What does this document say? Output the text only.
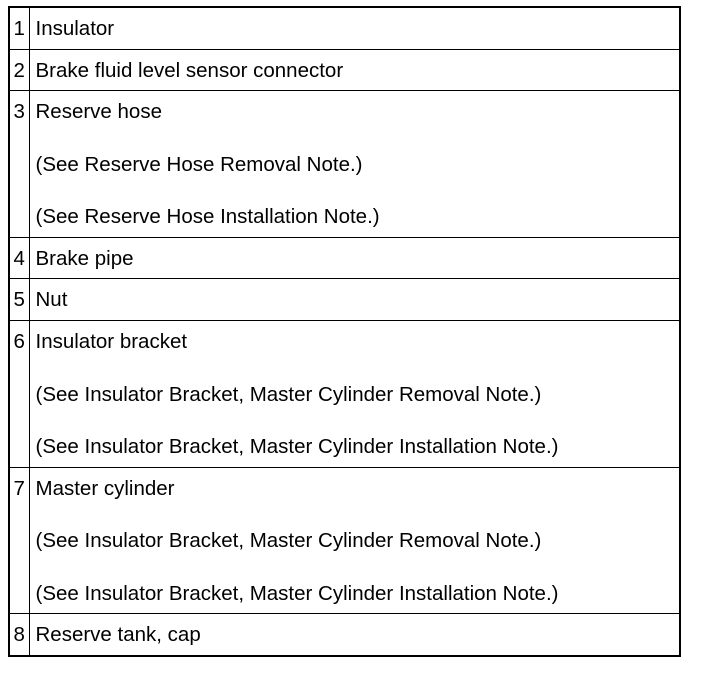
1	Insulator

2	Brake fluid level sensor connector

3	Reserve hose

(See Reserve Hose Removal Note.)

(See Reserve Hose Installation Note.)

4	Brake pipe

5	Nut

6	Insulator bracket

(See Insulator Bracket, Master Cylinder Removal Note.)

(See Insulator Bracket, Master Cylinder Installation Note.)

7	Master cylinder

(See Insulator Bracket, Master Cylinder Removal Note.)

(See Insulator Bracket, Master Cylinder Installation Note.)

8	Reserve tank, cap
